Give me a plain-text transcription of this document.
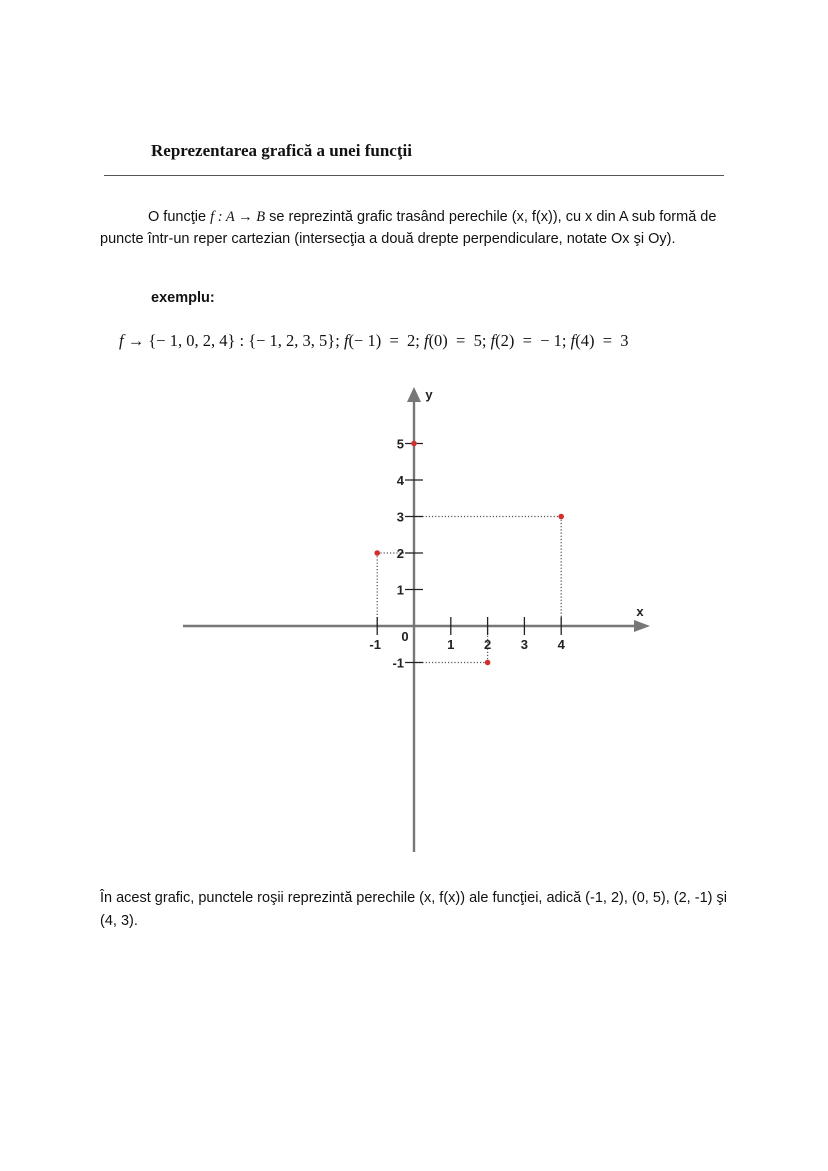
Reprezentarea grafică a unei funcţii

O funcţie f : A → B se reprezintă grafic trasând perechile (x, f(x)), cu x din A sub formă de puncte într-un reper cartezian (intersecţia a două drepte perpendiculare, notate Ox şi Oy).

exemplu:
f → {− 1, 0, 2, 4} : {− 1, 2, 3, 5}; f(− 1)  =  2; f(0)  =  5; f(2)  =  − 1; f(4)  =  3
x
y
0
-1	1 2 3 4
-1
1
2
3
4
5

În acest grafic, punctele roşii reprezintă perechile (x, f(x)) ale funcţiei, adică (-1, 2), (0, 5), (2, -1) şi (4, 3).
